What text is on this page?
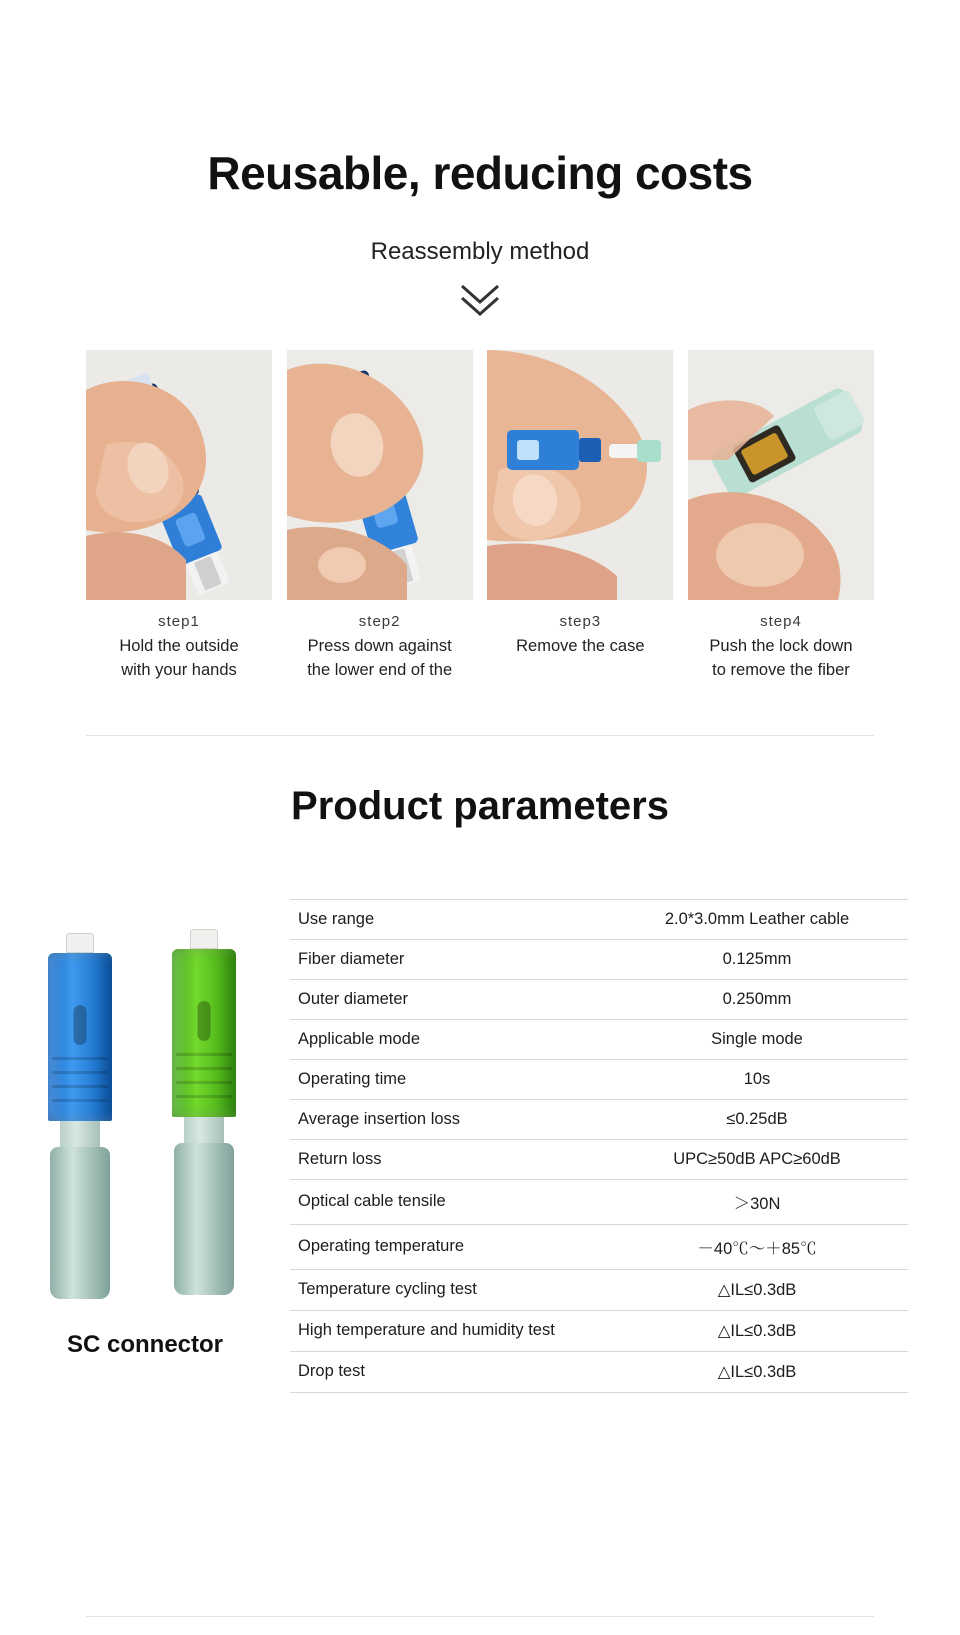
Reusable, reducing costs
Reassembly method
step1
Hold the outside
with your hands
step2
Press down against
the lower end of the
step3
Remove the case
step4
Push the lock down
to remove the fiber
Product parameters
SC connector
Use range	2.0*3.0mm Leather cable
Fiber diameter	0.125mm
Outer diameter	0.250mm
Applicable mode	Single mode
Operating time	10s
Average insertion loss	≤0.25dB
Return loss	UPC≥50dB APC≥60dB
Optical cable tensile	＞30N
Operating temperature	－40℃～＋85℃
Temperature cycling test	△IL≤0.3dB
High temperature and humidity test	△IL≤0.3dB
Drop test	△IL≤0.3dB
